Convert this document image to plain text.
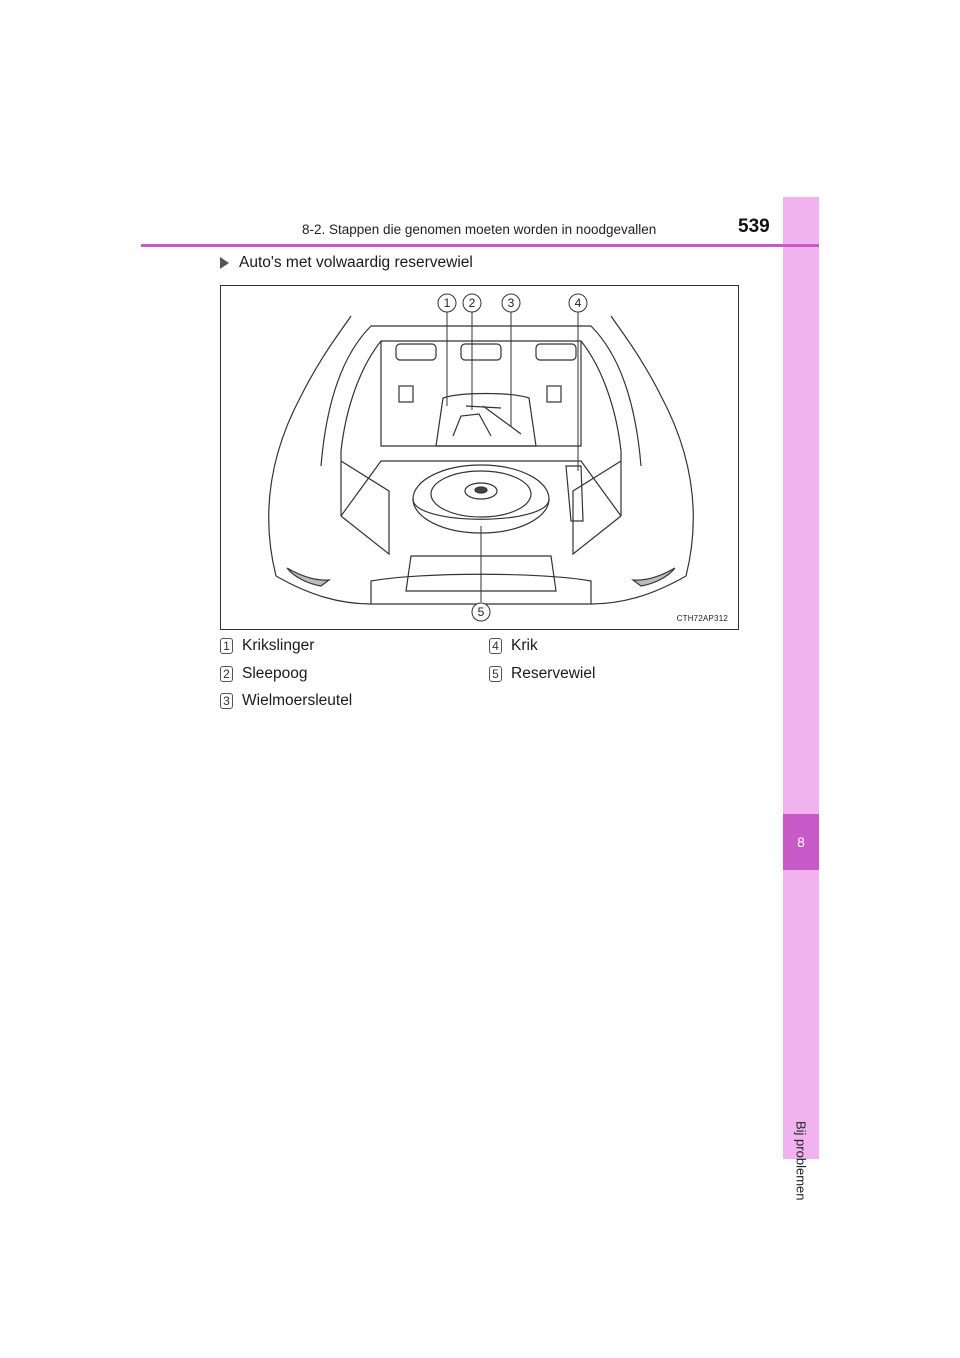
8
Bij problemen
8-2. Stappen die genomen moeten worden in noodgevallen	539
Auto's met volwaardig reservewiel
1 2	3	4
5	CTH72AP312
1 Krikslinger
2 Sleepoog
3 Wielmoersleutel
4 Krik
5 Reservewiel
